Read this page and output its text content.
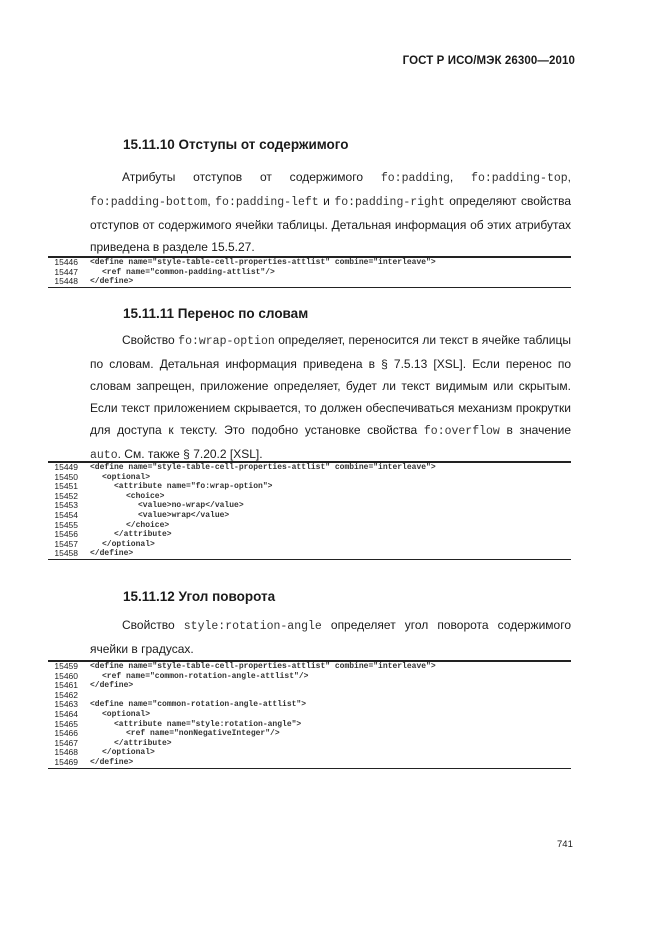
ГОСТ Р ИСО/МЭК 26300—2010
15.11.10 Отступы от содержимого
Атрибуты отступов от содержимого fo:padding, fo:padding-top, fo:padding-bottom, fo:padding-left и fo:padding-right определяют свойства отступов от содержимого ячейки таблицы. Детальная информация об этих атрибутах приведена в разделе 15.5.27.
15446 <define name="style-table-cell-properties-attlist" combine="interleave">
15447	<ref name="common-padding-attlist"/>
15448 </define>
15.11.11 Перенос по словам
Свойство fo:wrap-option определяет, переносится ли текст в ячейке таблицы по словам. Детальная информация приведена в § 7.5.13 [XSL]. Если перенос по словам запрещен, приложение определяет, будет ли текст видимым или скрытым. Если текст приложением скрывается, то должен обеспечиваться механизм прокрутки для доступа к тексту. Это подобно установке свойства fo:overflow в значение auto. См. также § 7.20.2 [XSL].
15449 <define name="style-table-cell-properties-attlist" combine="interleave">
15450	<optional>
15451	<attribute name="fo:wrap-option">
15452	<choice>
15453	<value>no-wrap</value>
15454	<value>wrap</value>
15455	</choice>
15456	</attribute>
15457	</optional>
15458 </define>
15.11.12 Угол поворота
Свойство style:rotation-angle определяет угол поворота содержимого ячейки в градусах.
15459 <define name="style-table-cell-properties-attlist" combine="interleave">
15460	<ref name="common-rotation-angle-attlist"/>
15461 </define>
15462
15463 <define name="common-rotation-angle-attlist">
15464	<optional>
15465	<attribute name="style:rotation-angle">
15466	<ref name="nonNegativeInteger"/>
15467	</attribute>
15468	</optional>
15469 </define>
741
